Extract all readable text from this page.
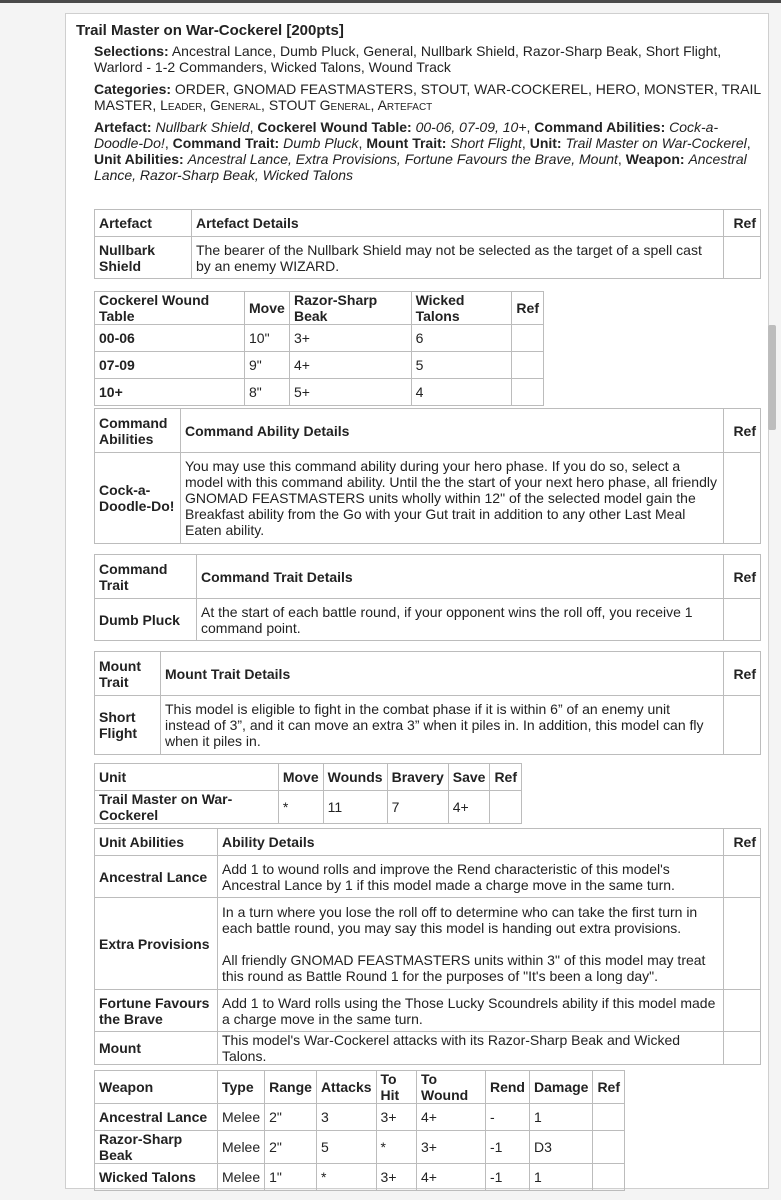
Trail Master on War-Cockerel [200pts]

Selections: Ancestral Lance, Dumb Pluck, General, Nullbark Shield, Razor-Sharp Beak, Short Flight, Warlord - 1-2 Commanders, Wicked Talons, Wound Track

Categories: ORDER, GNOMAD FEASTMASTERS, STOUT, WAR-COCKEREL, HERO, MONSTER, TRAIL MASTER, Leader, General, STOUT General, Artefact

Artefact: Nullbark Shield, Cockerel Wound Table: 00-06, 07-09, 10+, Command Abilities: Cock-a-Doodle-Do!, Command Trait: Dumb Pluck, Mount Trait: Short Flight, Unit: Trail Master on War-Cockerel, Unit Abilities: Ancestral Lance, Extra Provisions, Fortune Favours the Brave, Mount, Weapon: Ancestral Lance, Razor-Sharp Beak, Wicked Talons

Artefact	Artefact Details	Ref
Nullbark Shield	The bearer of the Nullbark Shield may not be selected as the target of a spell cast by an enemy WIZARD.	
Cockerel Wound Table	Move	Razor-Sharp Beak	Wicked Talons	Ref
00-06	10"	3+	6	
07-09	9"	4+	5	
10+	8"	5+	4	
Command Abilities	Command Ability Details	Ref
Cock-a-Doodle-Do!	You may use this command ability during your hero phase. If you do so, select a model with this command ability. Until the the start of your next hero phase, all friendly GNOMAD FEASTMASTERS units wholly within 12" of the selected model gain the Breakfast ability from the Go with your Gut trait in addition to any other Last Meal Eaten ability.	
Command Trait	Command Trait Details	Ref
Dumb Pluck	At the start of each battle round, if your opponent wins the roll off, you receive 1 command point.	
Mount Trait	Mount Trait Details	Ref
Short Flight	This model is eligible to fight in the combat phase if it is within 6” of an enemy unit instead of 3”, and it can move an extra 3” when it piles in. In addition, this model can fly when it piles in.	
Unit	Move	Wounds	Bravery	Save	Ref
Trail Master on War-Cockerel	*	11	7	4+	
Unit Abilities	Ability Details	Ref
Ancestral Lance	Add 1 to wound rolls and improve the Rend characteristic of this model's Ancestral Lance by 1 if this model made a charge move in the same turn.	
Extra Provisions	In a turn where you lose the roll off to determine who can take the first turn in each battle round, you may say this model is handing out extra provisions.
All friendly GNOMAD FEASTMASTERS units within 3" of this model may treat this round as Battle Round 1 for the purposes of "It's been a long day".	

Fortune Favours the Brave	Add 1 to Ward rolls using the Those Lucky Scoundrels ability if this model made a charge move in the same turn.	
Mount	This model's War-Cockerel attacks with its Razor-Sharp Beak and Wicked Talons.	
Weapon	Type	Range	Attacks	To Hit	To Wound	Rend	Damage	Ref
Ancestral Lance	Melee	2"	3	3+	4+	-	1	
Razor-Sharp Beak	Melee	2"	5	*	3+	-1	D3	
Wicked Talons	Melee	1"	*	3+	4+	-1	1	
